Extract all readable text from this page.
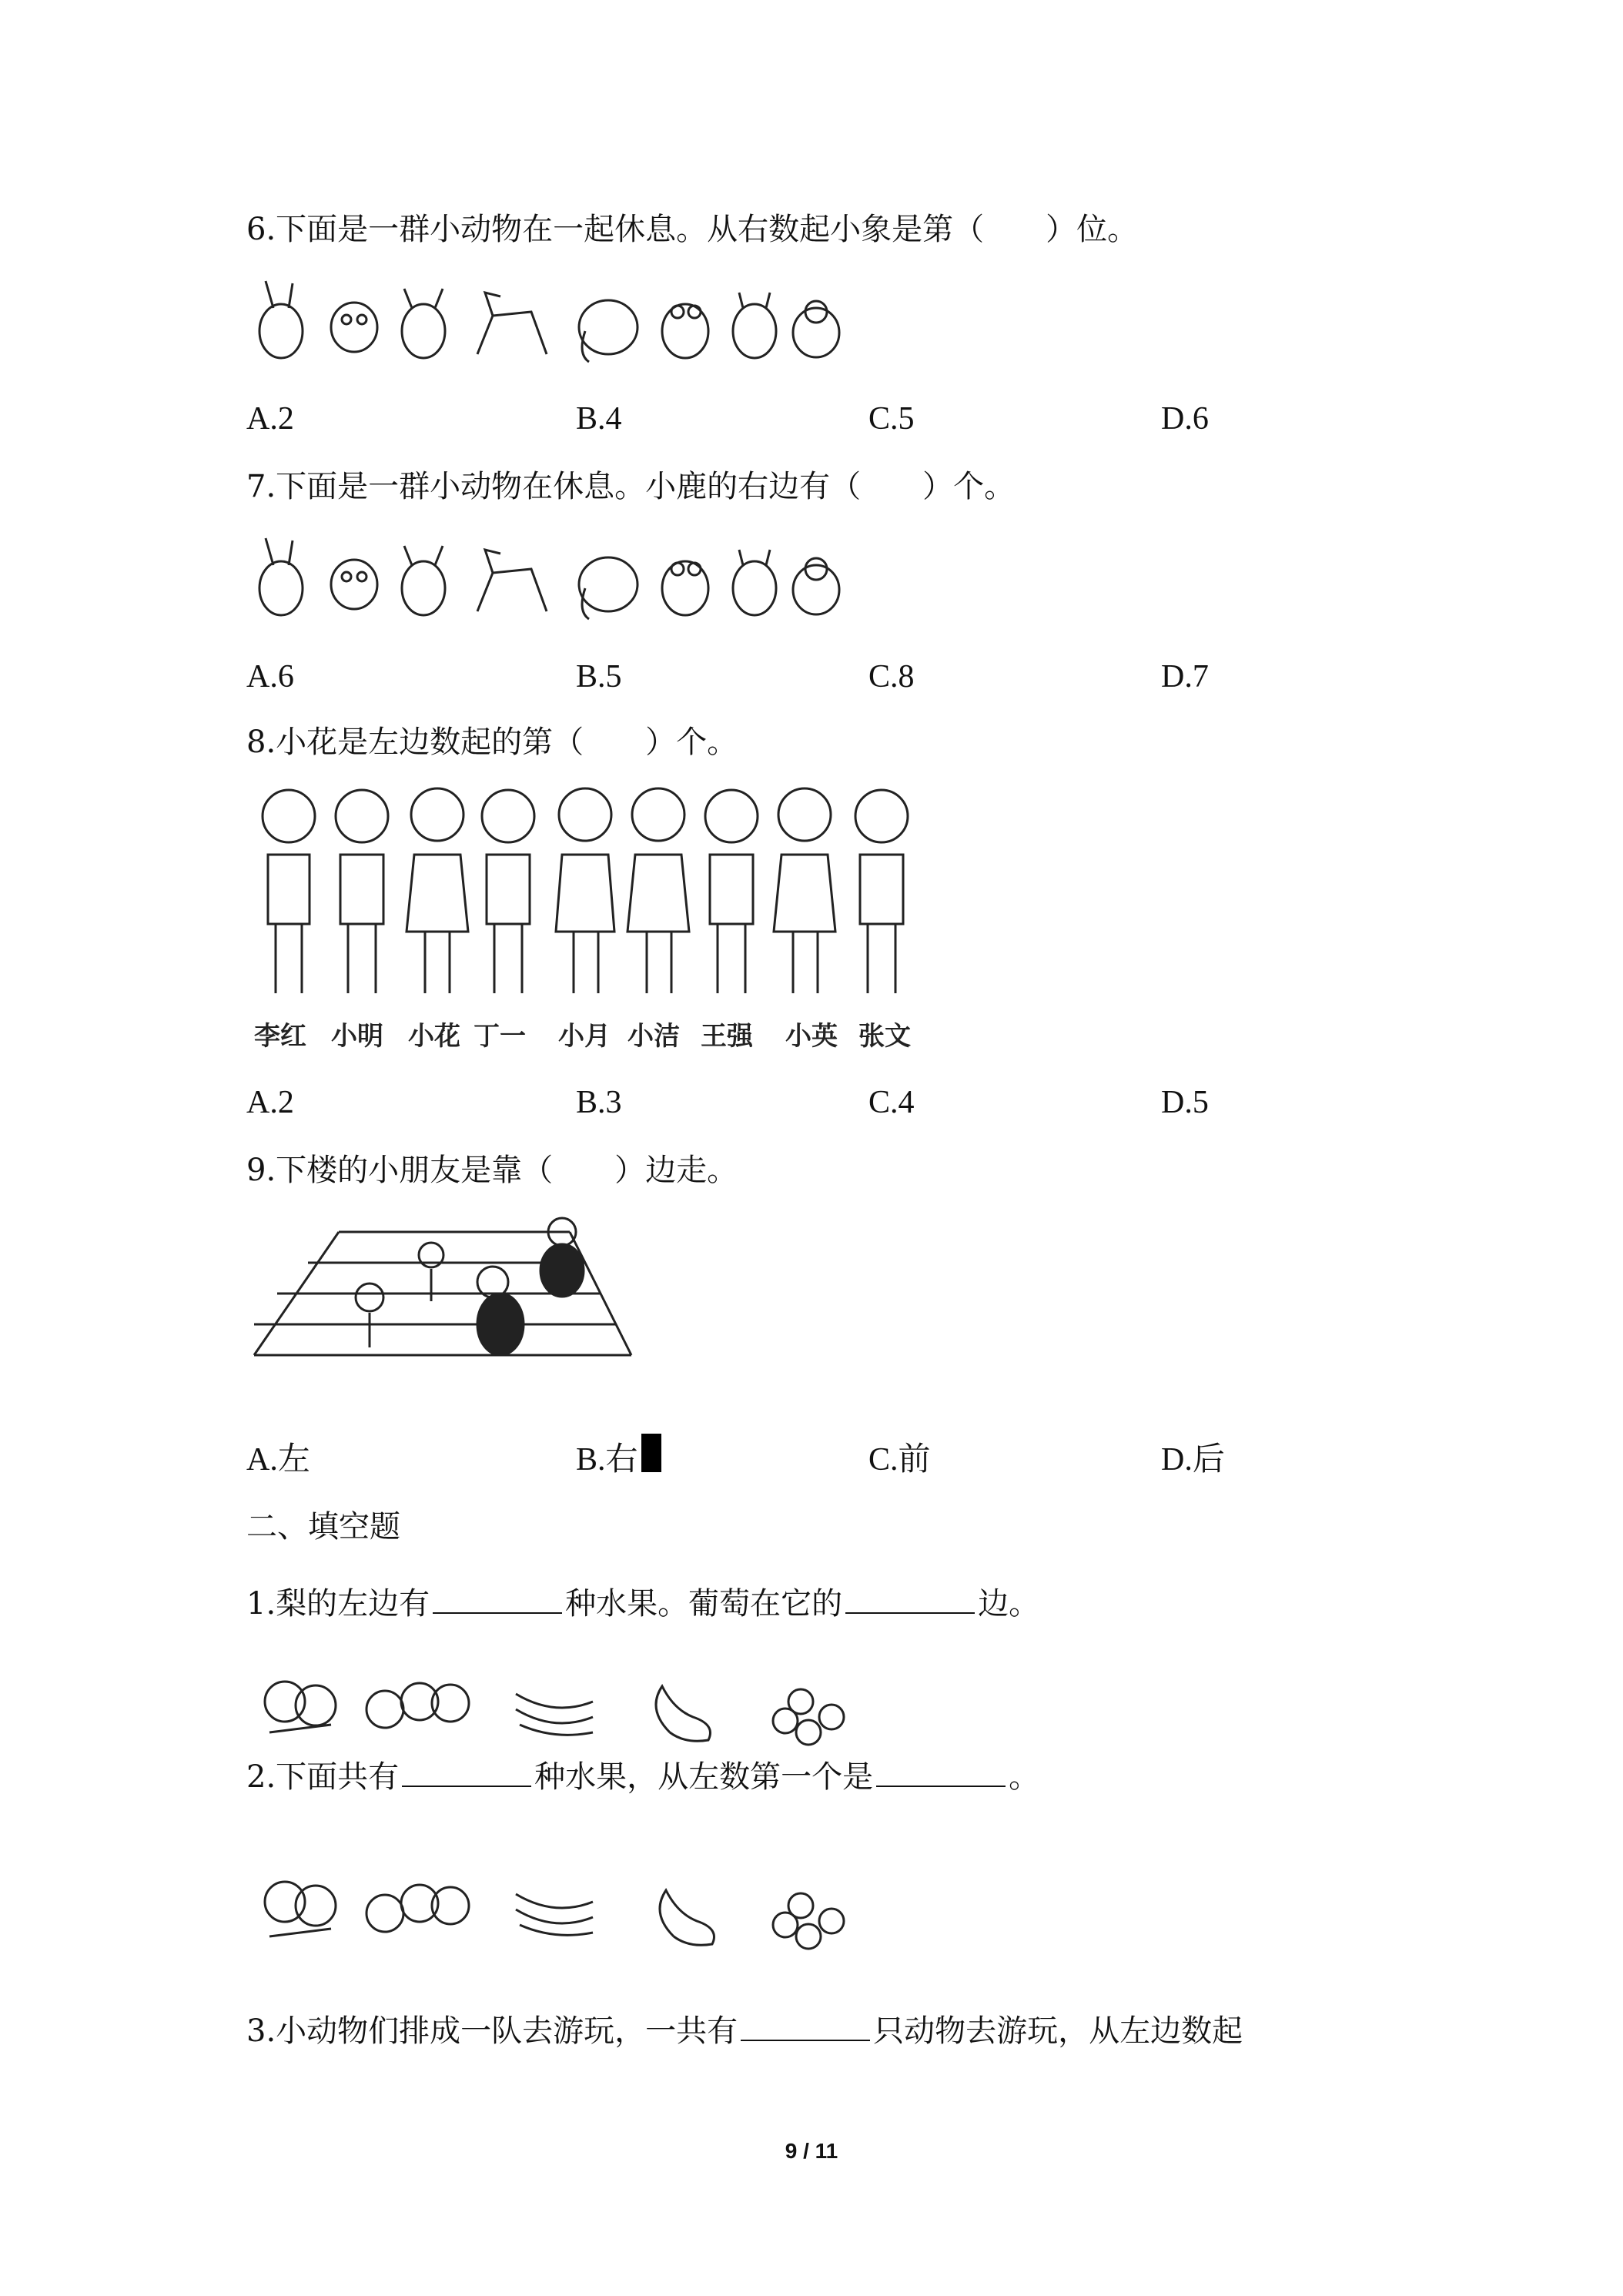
6.下面是一群小动物在一起休息。从右数起小象是第（　　）位。
A.2	B.4	C.5	D.6
7.下面是一群小动物在休息。小鹿的右边有（　　）个。
A.6	B.5	C.8	D.7
8.小花是左边数起的第（　　）个。
李红 小明 小花 丁一 小月 小洁 王强 小英 张文
A.2	B.3	C.4	D.5
9.下楼的小朋友是靠（　　）边走。
A.左	B.右	C.前	D.后
二、填空题
1.梨的左边有	种水果。葡萄在它的	边。
2.下面共有	种水果，从左数第一个是	。
3.小动物们排成一队去游玩，一共有	只动物去游玩，从左边数起
9 / 11
